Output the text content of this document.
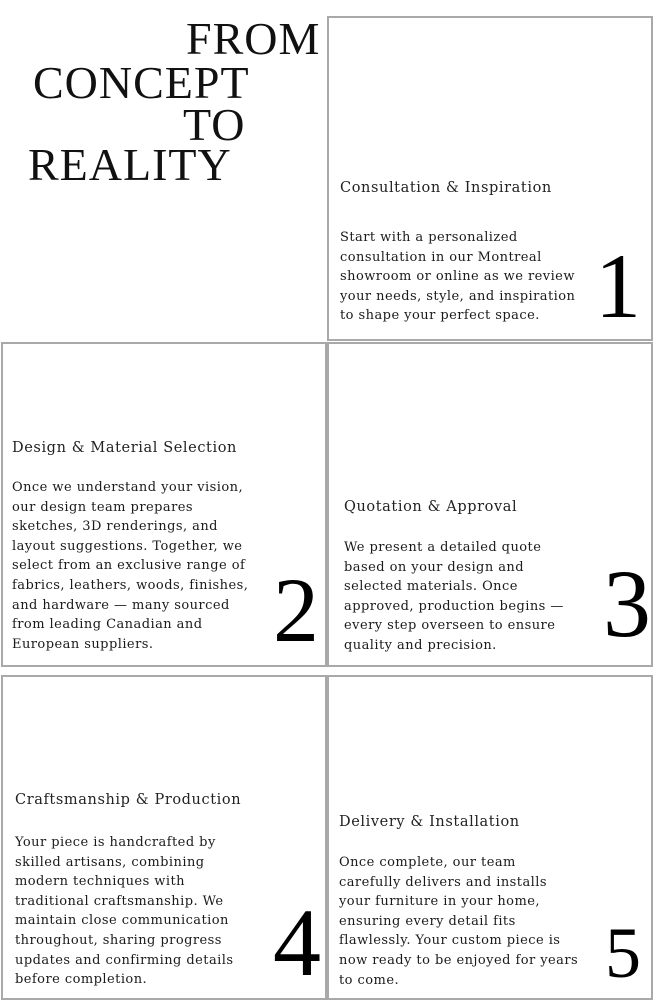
FROM
CONCEPT
TO
REALITY	Consultation & Inspiration
Start with a personalized
consultation in our Montreal
showroom or online as we review
your needs, style, and inspiration
to shape your perfect space. 1
Design & Material Selection
Once we understand your vision,
our design team prepares
sketches, 3D renderings, and
layout suggestions. Together, we
select from an exclusive range of
fabrics, leathers, woods, finishes,
and hardware — many sourced
from leading Canadian and
European suppliers.	2
Quotation & Approval
We present a detailed quote
based on your design and
selected materials. Once
approved, production begins —
every step overseen to ensure
quality and precision.	3
Craftsmanship & Production
Your piece is handcrafted by
skilled artisans, combining
modern techniques with
traditional craftsmanship. We
maintain close communication
throughout, sharing progress
updates and confirming details
before completion.	4
Delivery & Installation
Once complete, our team
carefully delivers and installs
your furniture in your home,
ensuring every detail fits
flawlessly. Your custom piece is
now ready to be enjoyed for years
to come.	5
